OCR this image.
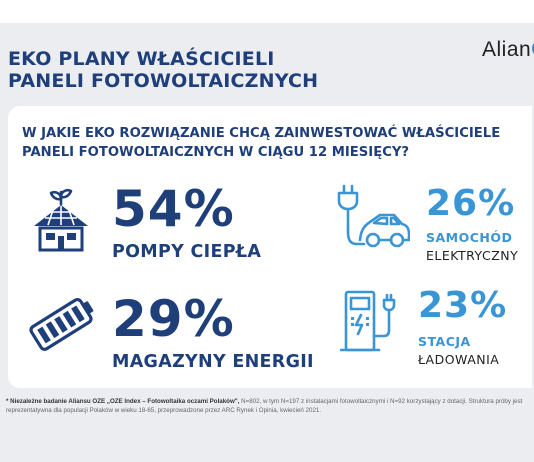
EKO PLANY WŁAŚCICIELI
PANELI FOTOWOLTAICZNYCH
Alian
W JAKIE EKO ROZWIĄZANIE CHCĄ ZAINWESTOWAĆ WŁAŚCICIELE
PANELI FOTOWOLTAICZNYCH W CIĄGU 12 MIESIĘCY?
54%
POMPY CIEPŁA
26%
SAMOCHÓD
ELEKTRYCZNY
29%
MAGAZYNY ENERGII
23%
STACJA
ŁADOWANIA

* Niezależne badanie Aliansu OZE „OZE Index – Fotowoltaika oczami Polaków", N=802, w tym N=197 z instalacjami fotowoltaicznymi i N=92 korzystający z dotacji. Struktura próby jest reprezentatywna dla populacji Polaków w wieku 18-65, przeprowadzone przez ARC Rynek i Opinia, kwiecień 2021.
